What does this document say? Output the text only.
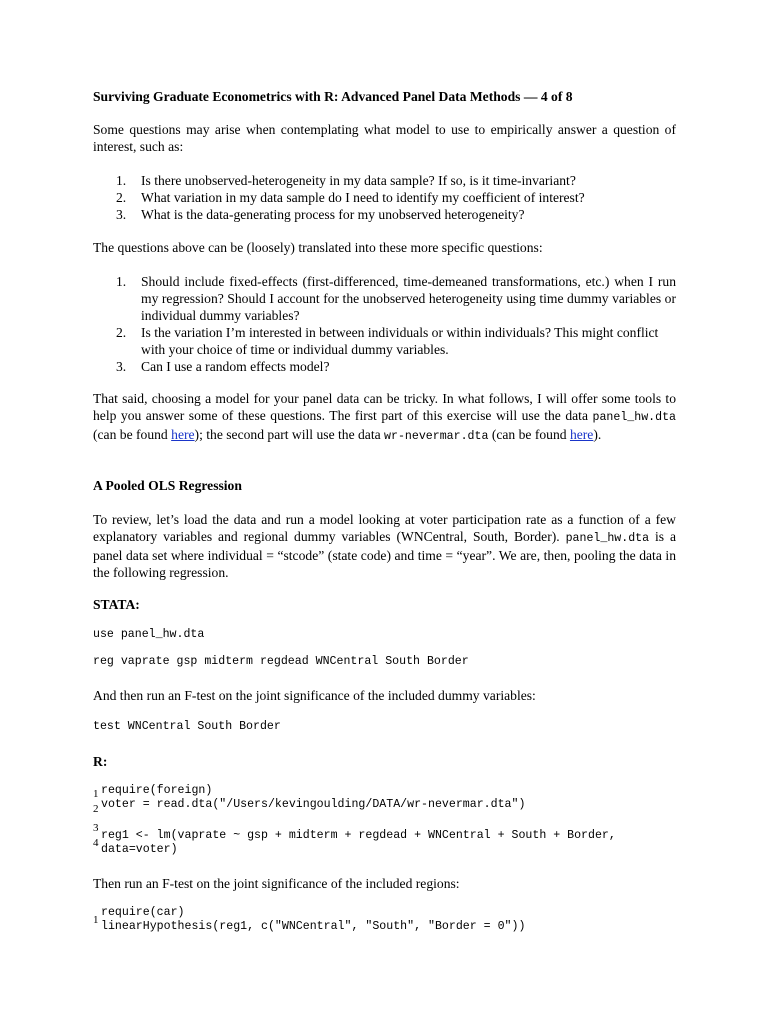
Surviving Graduate Econometrics with R: Advanced Panel Data Methods — 4 of 8
Some questions may arise when contemplating what model to use to empirically answer a question of interest, such as:
1. Is there unobserved-heterogeneity in my data sample? If so, is it time-invariant?
2. What variation in my data sample do I need to identify my coefficient of interest?
3. What is the data-generating process for my unobserved heterogeneity?
The questions above can be (loosely) translated into these more specific questions:
1. Should include fixed-effects (first-differenced, time-demeaned transformations, etc.) when I run my regression? Should I account for the unobserved heterogeneity using time dummy variables or individual dummy variables?
2. Is the variation I’m interested in between individuals or within individuals? This might conflict with your choice of time or individual dummy variables.
3. Can I use a random effects model?
That said, choosing a model for your panel data can be tricky. In what follows, I will offer some tools to help you answer some of these questions. The first part of this exercise will use the data panel_hw.dta (can be found here); the second part will use the data wr-nevermar.dta (can be found here).
A Pooled OLS Regression
To review, let’s load the data and run a model looking at voter participation rate as a function of a few explanatory variables and regional dummy variables (WNCentral, South, Border). panel_hw.dta is a panel data set where individual = “stcode” (state code) and time = “year”. We are, then, pooling the data in the following regression.
STATA:
use panel_hw.dta
reg vaprate gsp midterm regdead WNCentral South Border
And then run an F-test on the joint significance of the included dummy variables:
test WNCentral South Border
R:
1
2
require(foreign)
voter = read.dta("/Users/kevingoulding/DATA/wr-nevermar.dta")
3
4
reg1 <- lm(vaprate ~ gsp + midterm + regdead + WNCentral + South + Border,
data=voter)
Then run an F-test on the joint significance of the included regions:
1
require(car)
linearHypothesis(reg1, c("WNCentral", "South", "Border = 0"))
